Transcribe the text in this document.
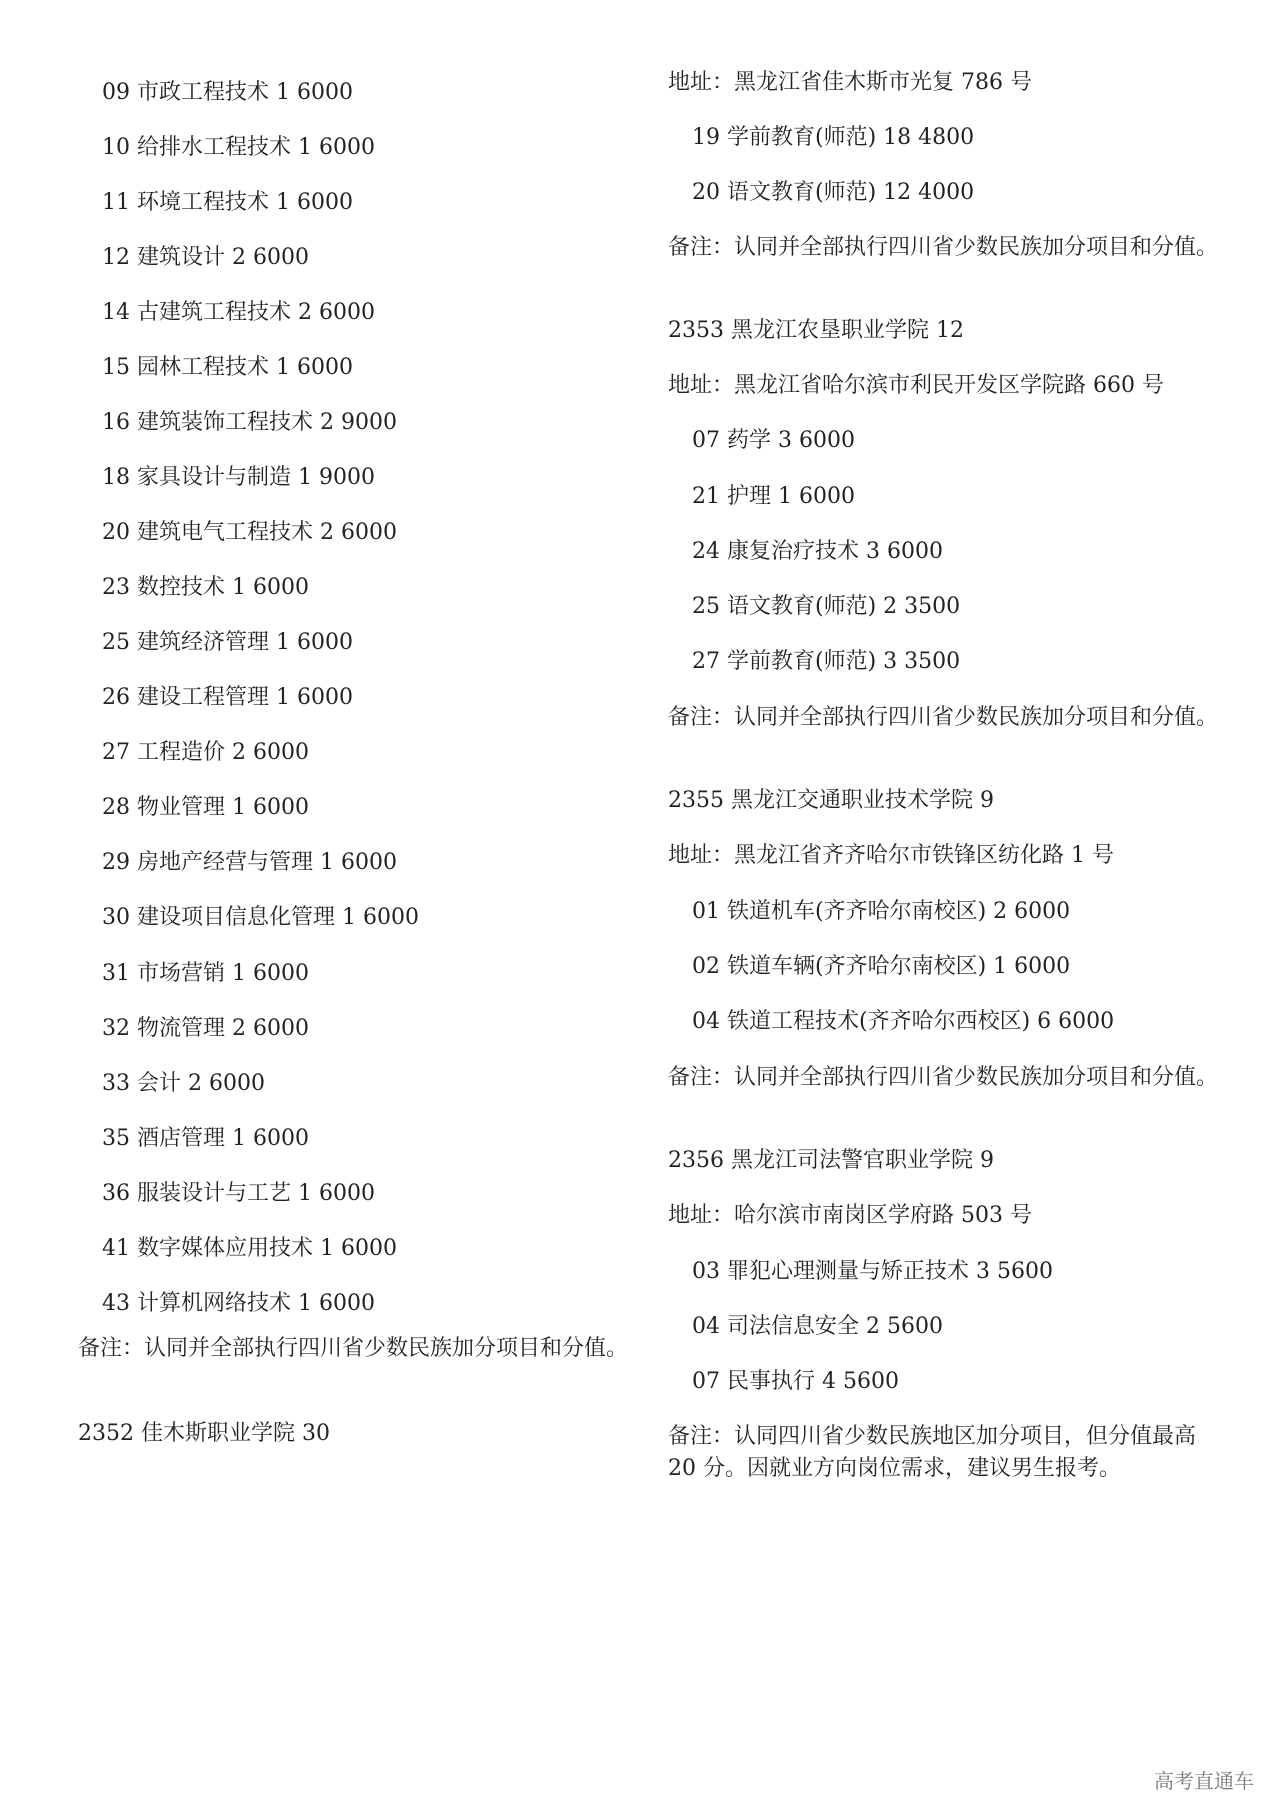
09 市政工程技术 1 6000
10 给排水工程技术 1 6000
11 环境工程技术 1 6000
12 建筑设计 2 6000
14 古建筑工程技术 2 6000
15 园林工程技术 1 6000
16 建筑装饰工程技术 2 9000
18 家具设计与制造 1 9000
20 建筑电气工程技术 2 6000
23 数控技术 1 6000
25 建筑经济管理 1 6000
26 建设工程管理 1 6000
27 工程造价 2 6000
28 物业管理 1 6000
29 房地产经营与管理 1 6000
30 建设项目信息化管理 1 6000
31 市场营销 1 6000
32 物流管理 2 6000
33 会计 2 6000
35 酒店管理 1 6000
36 服装设计与工艺 1 6000
41 数字媒体应用技术 1 6000
43 计算机网络技术 1 6000
备注：认同并全部执行四川省少数民族加分项目和分值。
2352 佳木斯职业学院 30
地址：黑龙江省佳木斯市光复 786 号
19 学前教育(师范) 18 4800
20 语文教育(师范) 12 4000
备注：认同并全部执行四川省少数民族加分项目和分值。
2353 黑龙江农垦职业学院 12
地址：黑龙江省哈尔滨市利民开发区学院路 660 号
07 药学 3 6000
21 护理 1 6000
24 康复治疗技术 3 6000
25 语文教育(师范) 2 3500
27 学前教育(师范) 3 3500
备注：认同并全部执行四川省少数民族加分项目和分值。
2355 黑龙江交通职业技术学院 9
地址：黑龙江省齐齐哈尔市铁锋区纺化路 1 号
01 铁道机车(齐齐哈尔南校区) 2 6000
02 铁道车辆(齐齐哈尔南校区) 1 6000
04 铁道工程技术(齐齐哈尔西校区) 6 6000
备注：认同并全部执行四川省少数民族加分项目和分值。
2356 黑龙江司法警官职业学院 9
地址：哈尔滨市南岗区学府路 503 号
03 罪犯心理测量与矫正技术 3 5600
04 司法信息安全 2 5600
07 民事执行 4 5600
备注：认同四川省少数民族地区加分项目，但分值最高 20 分。因就业方向岗位需求，建议男生报考。
高考直通车
